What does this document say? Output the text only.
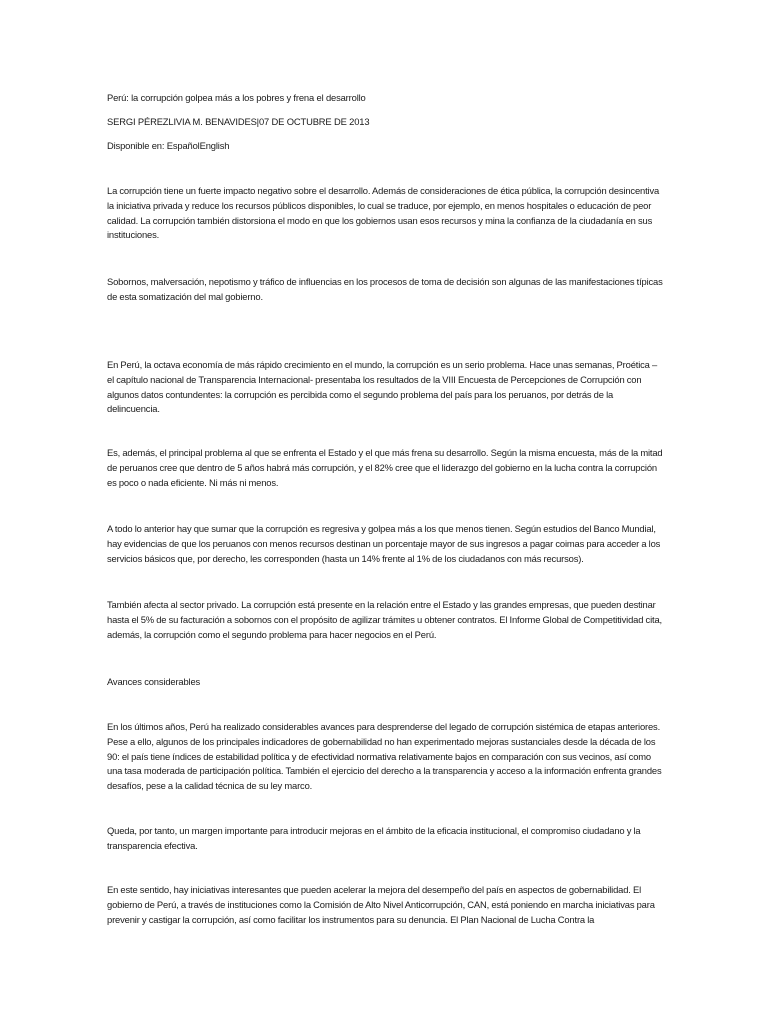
Perú: la corrupción golpea más a los pobres y frena el desarrollo
SERGI PÉREZLIVIA M. BENAVIDES|07 DE OCTUBRE DE 2013
Disponible en: EspañolEnglish

La corrupción tiene un fuerte impacto negativo sobre el desarrollo. Además de consideraciones de ética pública, la corrupción desincentiva la iniciativa privada y reduce los recursos públicos disponibles, lo cual se traduce, por ejemplo, en menos hospitales o educación de peor calidad. La corrupción también distorsiona el modo en que los gobiernos usan esos recursos y mina la confianza de la ciudadanía en sus instituciones.

Sobornos, malversación, nepotismo y tráfico de influencias en los procesos de toma de decisión son algunas de las manifestaciones típicas de esta somatización del mal gobierno.

En Perú, la octava economía de más rápido crecimiento en el mundo, la corrupción es un serio problema. Hace unas semanas, Proética –el capítulo nacional de Transparencia Internacional- presentaba los resultados de la VIII Encuesta de Percepciones de Corrupción con algunos datos contundentes: la corrupción es percibida como el segundo problema del país para los peruanos, por detrás de la delincuencia.

Es, además, el principal problema al que se enfrenta el Estado y el que más frena su desarrollo. Según la misma encuesta, más de la mitad de peruanos cree que dentro de 5 años habrá más corrupción, y el 82% cree que el liderazgo del gobierno en la lucha contra la corrupción es poco o nada eficiente. Ni más ni menos.

A todo lo anterior hay que sumar que la corrupción es regresiva y golpea más a los que menos tienen. Según estudios del Banco Mundial, hay evidencias de que los peruanos con menos recursos destinan un porcentaje mayor de sus ingresos a pagar coimas para acceder a los servicios básicos que, por derecho, les corresponden (hasta un 14% frente al 1% de los ciudadanos con más recursos).

También afecta al sector privado. La corrupción está presente en la relación entre el Estado y las grandes empresas, que pueden destinar hasta el 5% de su facturación a sobornos con el propósito de agilizar trámites u obtener contratos. El Informe Global de Competitividad cita, además, la corrupción como el segundo problema para hacer negocios en el Perú.

Avances considerables

En los últimos años, Perú ha realizado considerables avances para desprenderse del legado de corrupción sistémica de etapas anteriores. Pese a ello, algunos de los principales indicadores de gobernabilidad no han experimentado mejoras sustanciales desde la década de los 90: el país tiene índices de estabilidad política y de efectividad normativa relativamente bajos en comparación con sus vecinos, así como una tasa moderada de participación política. También el ejercicio del derecho a la transparencia y acceso a la información enfrenta grandes desafíos, pese a la calidad técnica de su ley marco.

Queda, por tanto, un margen importante para introducir mejoras en el ámbito de la eficacia institucional, el compromiso ciudadano y la transparencia efectiva.

En este sentido, hay iniciativas interesantes que pueden acelerar la mejora del desempeño del país en aspectos de gobernabilidad. El gobierno de Perú, a través de instituciones como la Comisión de Alto Nivel Anticorrupción, CAN, está poniendo en marcha iniciativas para prevenir y castigar la corrupción, así como facilitar los instrumentos para su denuncia. El Plan Nacional de Lucha Contra la
